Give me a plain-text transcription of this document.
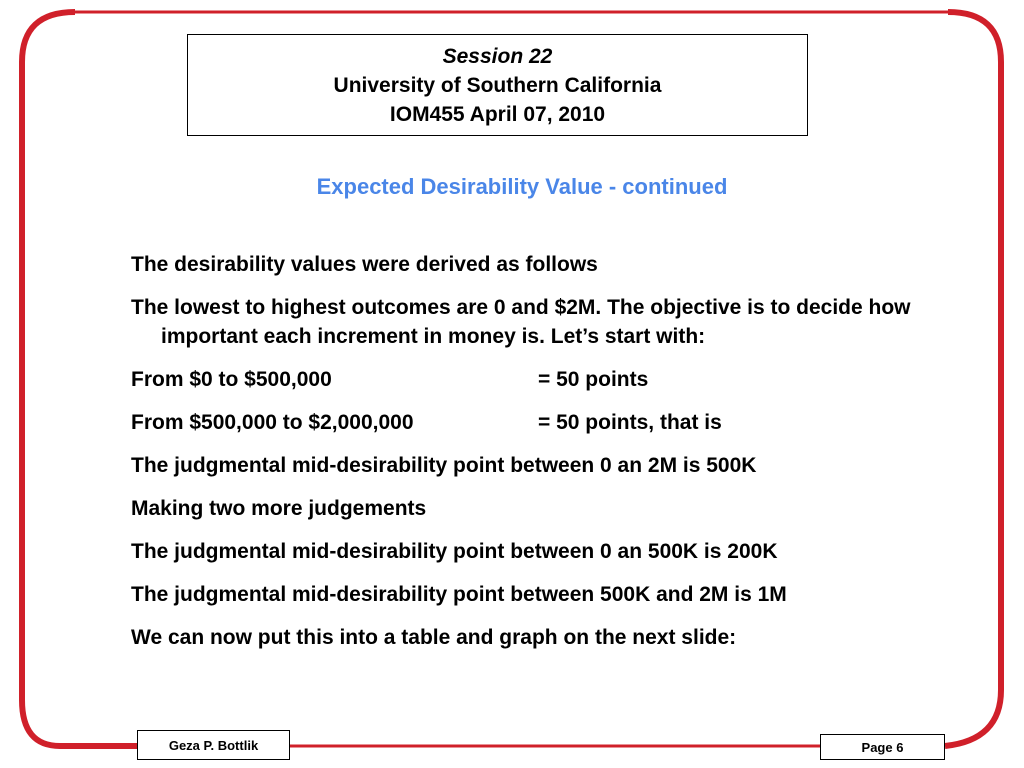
Session 22
University of Southern California
IOM455 April 07, 2010
Expected Desirability Value - continued

The desirability values were derived as follows

The lowest to highest outcomes are 0 and $2M. The objective is to decide how important each increment in money is. Let’s start with:

From $0 to $500,000	= 50 points
From $500,000 to $2,000,000	= 50 points, that is

The judgmental mid-desirability point between 0 an 2M is 500K

Making two more judgements

The judgmental mid-desirability point between 0 an 500K is 200K

The judgmental mid-desirability point between 500K and 2M is 1M

We can now put this into a table and graph on the next slide:

Geza P. Bottlik	Page 6
